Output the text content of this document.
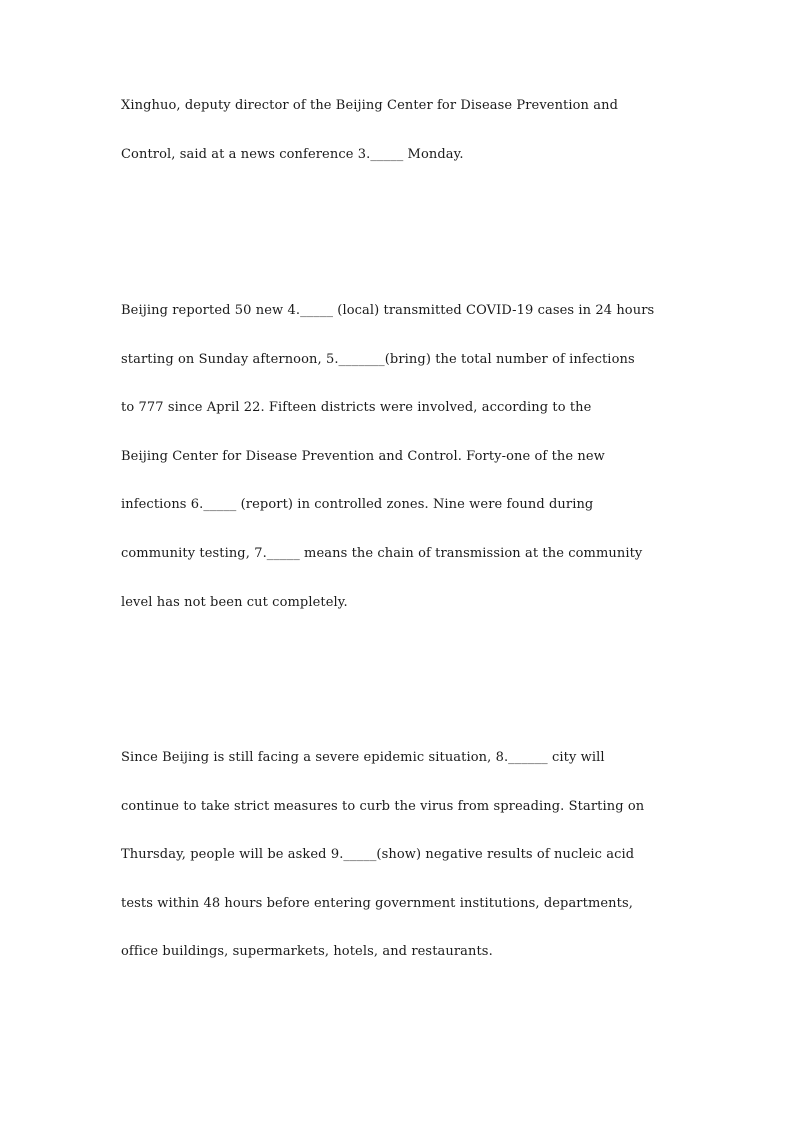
Xinghuo, deputy director of the Beijing Center for Disease Prevention and
Control, said at a news conference 3._____ Monday.
Beijing reported 50 new 4._____ (local) transmitted COVID-19 cases in 24 hours
starting on Sunday afternoon, 5._______(bring) the total number of infections
to 777 since April 22. Fifteen districts were involved, according to the
Beijing Center for Disease Prevention and Control. Forty-one of the new
infections 6._____ (report) in controlled zones. Nine were found during
community testing, 7._____ means the chain of transmission at the community
level has not been cut completely.
Since Beijing is still facing a severe epidemic situation, 8.______ city will
continue to take strict measures to curb the virus from spreading. Starting on
Thursday, people will be asked 9._____(show) negative results of nucleic acid
tests within 48 hours before entering government institutions, departments,
office buildings, supermarkets, hotels, and restaurants.
